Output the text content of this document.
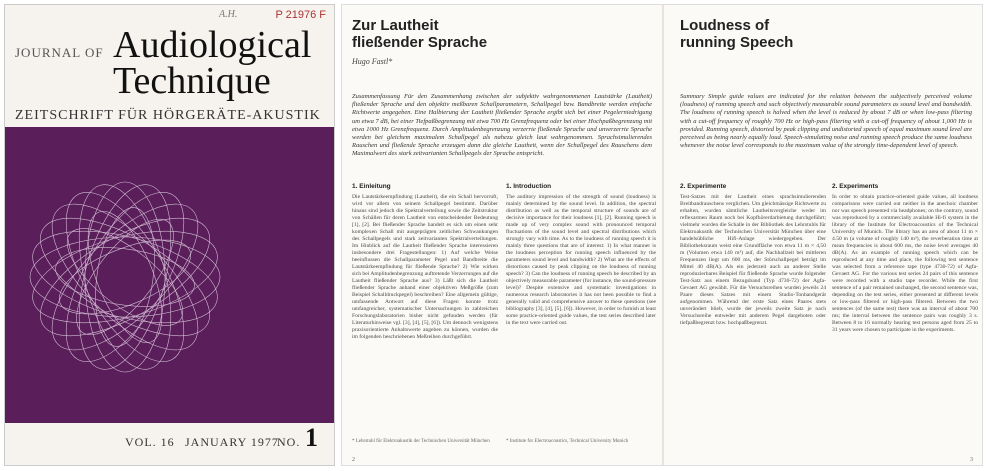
A.H.	P 21976 F
JOURNAL OF Audiological
Technique
ZEITSCHRIFT FÜR HÖRGERÄTE-AKUSTIK
VOL. 16 JANUARY 1977
NO. 1
Zur Lautheit
fließender Sprache
Loudness of
running Speech
Hugo Fastl*
Zusammenfassung Für den Zusammenhang zwischen der subjektiv wahrgenommenen Lautstärke (Lautheit) fließender Sprache und den objektiv meßbaren Schallparametern, Schallpegel bzw. Bandbreite werden einfache Richtwerte angegeben. Eine Halbierung der Lautheit fließender Sprache ergibt sich bei einer Pegelerniedrigung um etwa 7 dB, bei einer Tiefpaßbegrenzung mit etwa 700 Hz Grenzfrequenz oder bei einer Hochpaßbegrenzung mit etwa 1000 Hz Grenzfrequenz. Durch Amplitudenbegrenzung verzerrte fließende Sprache und unverzerrte Sprache werden bei gleichem maximalem Schallpegel als nahezu gleich laut wahrgenommen. Sprachsimulierendes Rauschen und fließende Sprache erzeugen dann die gleiche Lautheit, wenn der Schallpegel des Rauschens dem Maximalwert des stark zeitvarianten Schallpegels der Sprache entspricht.
Summary Simple guide values are indicated for the relation between the subjectively perceived volume (loudness) of running speech and such objectively measurable sound parameters as sound level and bandwidth. The loudness of running speech is halved when the level is reduced by about 7 dB or when low-pass filtering with a cut-off frequency of roughly 700 Hz or high-pass filtering with a cut-off frequency of about 1,000 Hz is provided. Running speech, distorted by peak clipping and undistorted speech of equal maximum sound level are perceived as being nearly equally loud. Speech-simulating noise and running speech produce the same loudness whenever the noise level corresponds to the maximum value of the strongly time-dependent level of speech.
1. Einleitung

Die Lautstärkeempfindung (Lautheit), die ein Schall hervorruft, wird vor allem von seinem Schallpegel bestimmt. Darüber hinaus sind jedoch die Spektralverteilung sowie die Zeitstruktur von Schällen für deren Lautheit von entscheidender Bedeutung [1], [2]. Bei fließender Sprache handelt es sich um einen sehr komplexen Schall mit ausgeprägten zeitlichen Schwankungen des Schallpegels und stark zeitvarianten Spektralverteilungen. Im Hinblick auf die Lautheit fließender Sprache interessieren insbesondere drei Fragestellungen: 1) Auf welche Weise beeinflussen die Schallparameter Pegel und Bandbreite die Lautstärkeempfindung für fließende Sprache? 2) Wie wirken sich bei Amplitudenbegrenzung auftretende Verzerrungen auf die Lautheit fließender Sprache aus? 3) Läßt sich die Lautheit fließender Sprache anhand einer objektiven Meßgröße (zum Beispiel Schalldruckpegel) beschreiben? Eine allgemein gültige, umfassende Antwort auf diese Fragen konnte trotz umfangreicher, systematischer Untersuchungen in zahlreichen Forschungslaboratorien bisher nicht gefunden werden (für Literaturhinweise vgl. [3], [4], [5], [6]). Um dennoch wenigstens praxisorientierte Anhaltswerte angeben zu können, wurden die im folgenden beschriebenen Meßreihen durchgeführt.

1. Introduction

The auditory impression of the strength of sound (loudness) is mainly determined by the sound level. In addition, the spectral distribution as well as the temporal structure of sounds are of decisive importance for their loudness [1], [2]. Running speech is made up of very complex sound with pronounced temporal fluctuations of the sound level and spectral distributions which strongly vary with time. As to the loudness of running speech it is mainly three questions that are of interest: 1) In what manner is the loudness perception for running speech influenced by the parameters sound level and bandwidth? 2) What are the effects of distortions caused by peak clipping on the loudness of running speech? 3) Can the loudness of running speech be described by an objectively measurable parameter (for instance, the sound-pressure level)? Despite extensive and systematic investigations in numerous research laboratories it has not been possible to find a generally valid and comprehensive answer to these questions (see bibliography [3], [4], [5], [6]). However, in order to furnish at least some practice-oriented guide values, the test series described later in the text were carried out.

2. Experimente

Test-Satzes mit der Lautheit eines sprachsimulierenden Breitbandrauschens verglichen. Um gleichmässige Richtwerte zu erhalten, wurden sämtliche Lautheitsvergleiche weder im reflexarmen Raum noch bei Kopfhörerdarbietung durchgeführt; vielmehr wurden die Schalle in der Bibliothek des Lehrstuhls für Elektroakustik der Technischen Universität München über eine handelsübliche Hifi-Anlage wiedergegeben. Der Bibliotheksraum weist eine Grundfläche von etwa 11 m × 4,50 m (Volumen etwa 140 m³) auf, die Nachhallzeit bei mittleren Frequenzen liegt um 600 ms, der Störschallpegel beträgt im Mittel 40 dB(A). Als ein jederzeit auch an anderer Stelle reproduzierbares Beispiel für fließende Sprache wurde folgender Test-Satz aus einem Bezugsband (Typ 4730-72) der Agfa-Gevaert AG gewählt. Für die Versuchsreihen wurden jeweils 24 Paare dieses Satzes mit einem Studio-Tonbandgerät aufgenommen. Während der erste Satz eines Paares stets unverändert blieb, wurde der jeweils zweite Satz je nach Versuchsreihe entweder mit anderem Pegel dargeboten oder tiefpaßbegrenzt bzw. hochpaßbegrenzt.

2. Experiments

In order to obtain practice-oriented guide values, all loudness comparisons were carried out neither in the anechoic chamber nor was speech presented via headphones; on the contrary, sound was reproduced by a commercially available Hi-fi system in the library of the Institute for Electroacoustics of the Technical University of Munich. The library has an area of about 11 m × 4.50 m (a volume of roughly 140 m³), the reverberation time at mean frequencies is about 600 ms, the noise level averages 40 dB(A). As an example of running speech which can be reproduced at any time and place, the following test sentence was selected from a reference tape (type 4730-72) of Agfa-Gevaert AG. For the various test series 24 pairs of this sentence were recorded with a studio tape recorder. While the first sentence of a pair remained unchanged, the second sentence was, depending on the test series, either presented at different levels or low-pass filtered or high-pass filtered. Between the two sentences (of the same test) there was an interval of about 700 ms; the interval between the sentence pairs was roughly 3 s. Between 8 to 16 normally hearing test persons aged from 25 to 31 years were chosen to participate in the experiments.

* Lehrstuhl für Elektroakustik der Technischen Universität München	* Institute for Electroacoustics, Technical University Munich
2	3
